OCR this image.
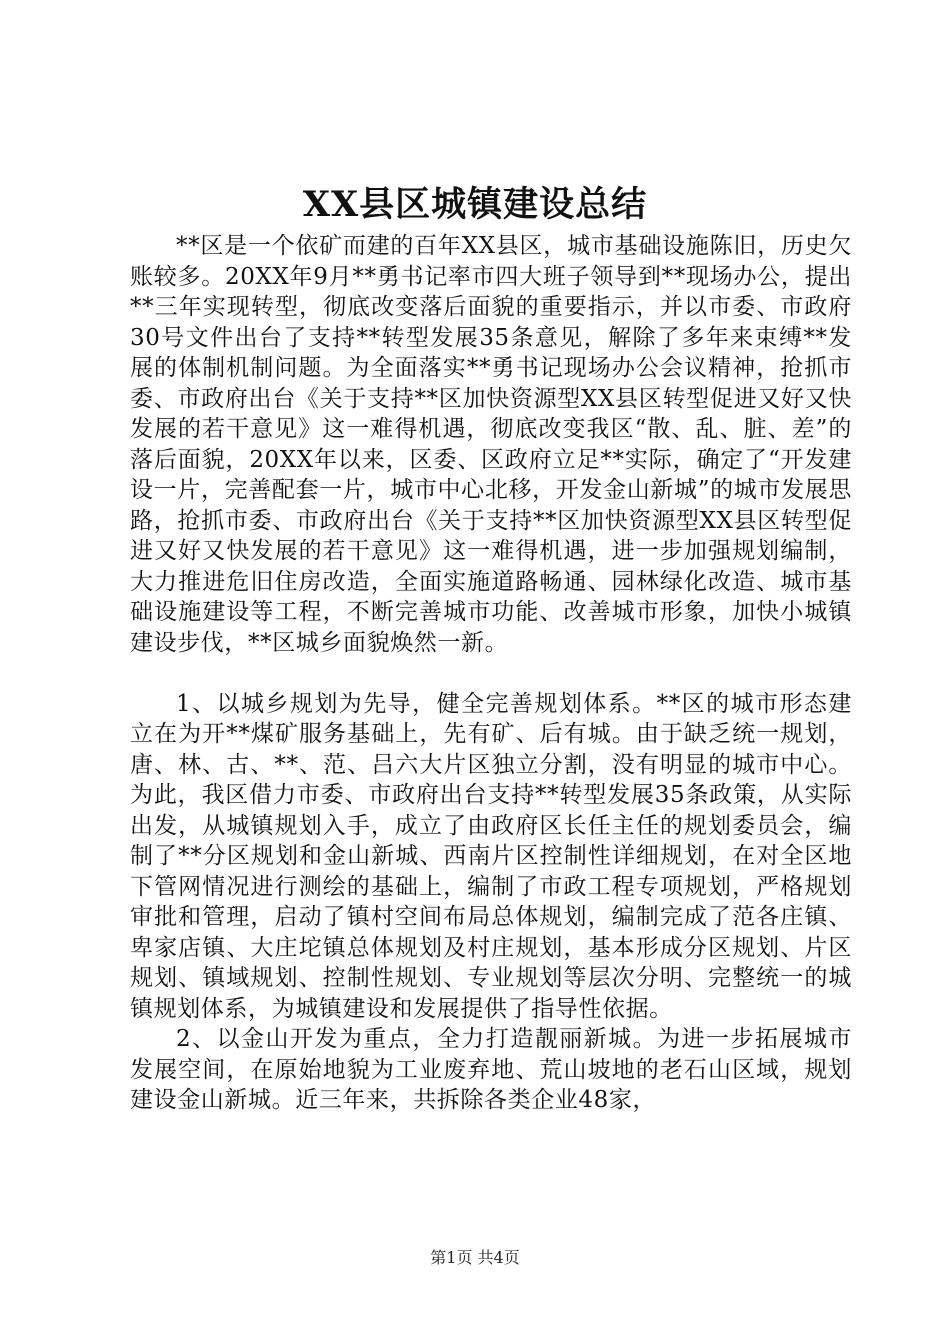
XX县区城镇建设总结

**区是一个依矿而建的百年XX县区，城市基础设施陈旧，历史欠账较多。20XX年9月**勇书记率市四大班子领导到**现场办公，提出**三年实现转型，彻底改变落后面貌的重要指示，并以市委、市政府30号文件出台了支持**转型发展35条意见，解除了多年来束缚**发展的体制机制问题。为全面落实**勇书记现场办公会议精神，抢抓市委、市政府出台《关于支持**区加快资源型XX县区转型促进又好又快发展的若干意见》这一难得机遇，彻底改变我区“散、乱、脏、差”的落后面貌，20XX年以来，区委、区政府立足**实际，确定了“开发建设一片，完善配套一片，城市中心北移，开发金山新城”的城市发展思路，抢抓市委、市政府出台《关于支持**区加快资源型XX县区转型促进又好又快发展的若干意见》这一难得机遇，进一步加强规划编制，大力推进危旧住房改造，全面实施道路畅通、园林绿化改造、城市基础设施建设等工程，不断完善城市功能、改善城市形象，加快小城镇建设步伐，**区城乡面貌焕然一新。

1、以城乡规划为先导，健全完善规划体系。**区的城市形态建立在为开**煤矿服务基础上，先有矿、后有城。由于缺乏统一规划，唐、林、古、**、范、吕六大片区独立分割，没有明显的城市中心。为此，我区借力市委、市政府出台支持**转型发展35条政策，从实际出发，从城镇规划入手，成立了由政府区长任主任的规划委员会，编制了**分区规划和金山新城、西南片区控制性详细规划，在对全区地下管网情况进行测绘的基础上，编制了市政工程专项规划，严格规划审批和管理，启动了镇村空间布局总体规划，编制完成了范各庄镇、卑家店镇、大庄坨镇总体规划及村庄规划，基本形成分区规划、片区规划、镇域规划、控制性规划、专业规划等层次分明、完整统一的城镇规划体系，为城镇建设和发展提供了指导性依据。

2、以金山开发为重点，全力打造靓丽新城。为进一步拓展城市发展空间，在原始地貌为工业废弃地、荒山坡地的老石山区域，规划建设金山新城。近三年来，共拆除各类企业48家，

第1页 共4页
